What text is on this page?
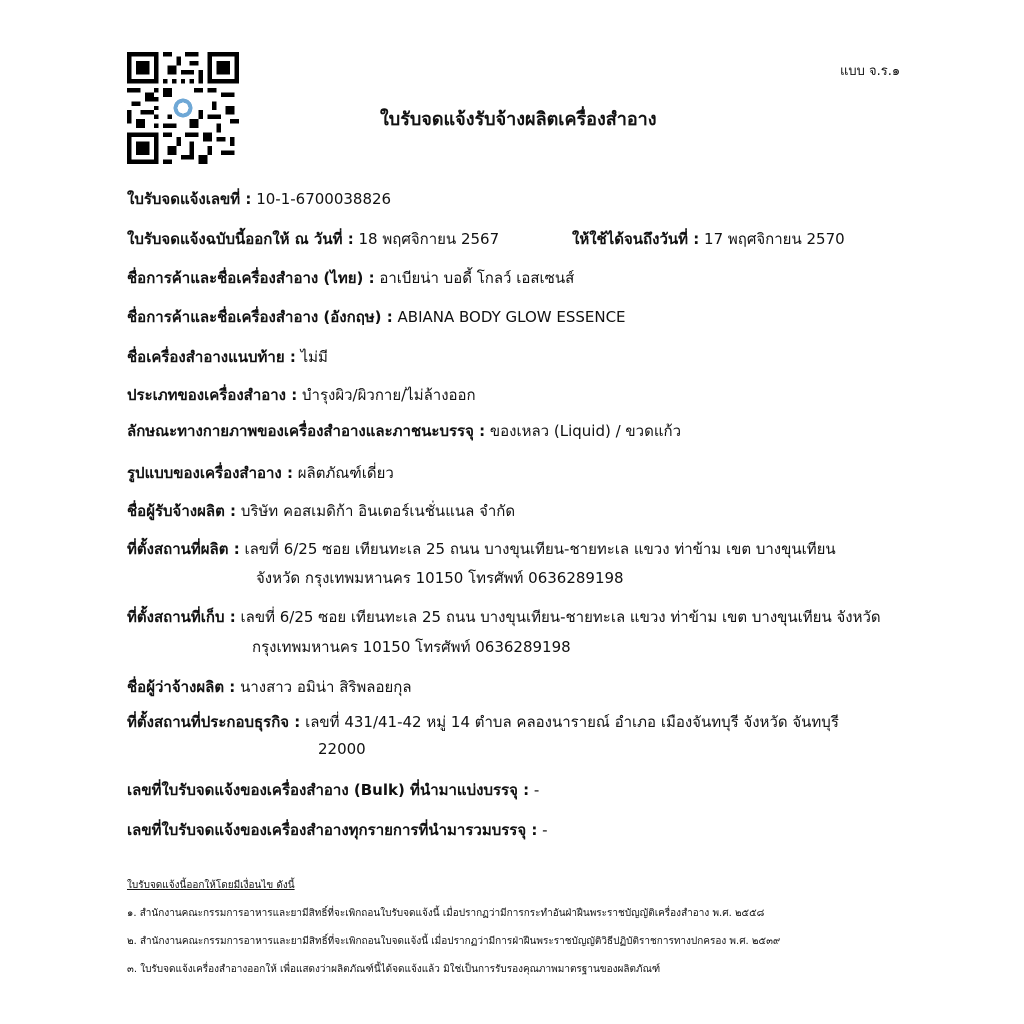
แบบ จ.ร.๑
ใบรับจดแจ้งรับจ้างผลิตเครื่องสำอาง
ใบรับจดแจ้งเลขที่ : 10-1-6700038826
ใบรับจดแจ้งฉบับนี้ออกให้ ณ วันที่ : 18 พฤศจิกายน 2567	ให้ใช้ได้จนถึงวันที่ : 17 พฤศจิกายน 2570
ชื่อการค้าและชื่อเครื่องสำอาง (ไทย) : อาเบียน่า บอดี้ โกลว์ เอสเซนส์
ชื่อการค้าและชื่อเครื่องสำอาง (อังกฤษ) : ABIANA BODY GLOW ESSENCE
ชื่อเครื่องสำอางแนบท้าย : ไม่มี
ประเภทของเครื่องสำอาง : บำรุงผิว/ผิวกาย/ไม่ล้างออก
ลักษณะทางกายภาพของเครื่องสำอางและภาชนะบรรจุ : ของเหลว (Liquid) / ขวดแก้ว
รูปแบบของเครื่องสำอาง : ผลิตภัณฑ์เดี่ยว
ชื่อผู้รับจ้างผลิต : บริษัท คอสเมดิก้า อินเตอร์เนชั่นแนล จำกัด
ที่ตั้งสถานที่ผลิต : เลขที่ 6/25 ซอย เทียนทะเล 25 ถนน บางขุนเทียน-ชายทะเล แขวง ท่าข้าม เขต บางขุนเทียน
จังหวัด กรุงเทพมหานคร 10150 โทรศัพท์ 0636289198
ที่ตั้งสถานที่เก็บ : เลขที่ 6/25 ซอย เทียนทะเล 25 ถนน บางขุนเทียน-ชายทะเล แขวง ท่าข้าม เขต บางขุนเทียน จังหวัด
กรุงเทพมหานคร 10150 โทรศัพท์ 0636289198
ชื่อผู้ว่าจ้างผลิต : นางสาว อมิน่า สิริพลอยกุล
ที่ตั้งสถานที่ประกอบธุรกิจ : เลขที่ 431/41-42 หมู่ 14 ตำบล คลองนารายณ์ อำเภอ เมืองจันทบุรี จังหวัด จันทบุรี
22000
เลขที่ใบรับจดแจ้งของเครื่องสำอาง (Bulk) ที่นำมาแบ่งบรรจุ : -
เลขที่ใบรับจดแจ้งของเครื่องสำอางทุกรายการที่นำมารวมบรรจุ : -
ใบรับจดแจ้งนี้ออกให้โดยมีเงื่อนไข ดังนี้
๑. สำนักงานคณะกรรมการอาหารและยามีสิทธิ์ที่จะเพิกถอนใบรับจดแจ้งนี้ เมื่อปรากฏว่ามีการกระทำอันฝ่าฝืนพระราชบัญญัติเครื่องสำอาง พ.ศ. ๒๕๕๘
๒. สำนักงานคณะกรรมการอาหารและยามีสิทธิ์ที่จะเพิกถอนใบจดแจ้งนี้ เมื่อปรากฏว่ามีการฝ่าฝืนพระราชบัญญัติวิธีปฏิบัติราชการทางปกครอง พ.ศ. ๒๕๓๙
๓. ใบรับจดแจ้งเครื่องสำอางออกให้ เพื่อแสดงว่าผลิตภัณฑ์นี้ได้จดแจ้งแล้ว มิใช่เป็นการรับรองคุณภาพมาตรฐานของผลิตภัณฑ์
